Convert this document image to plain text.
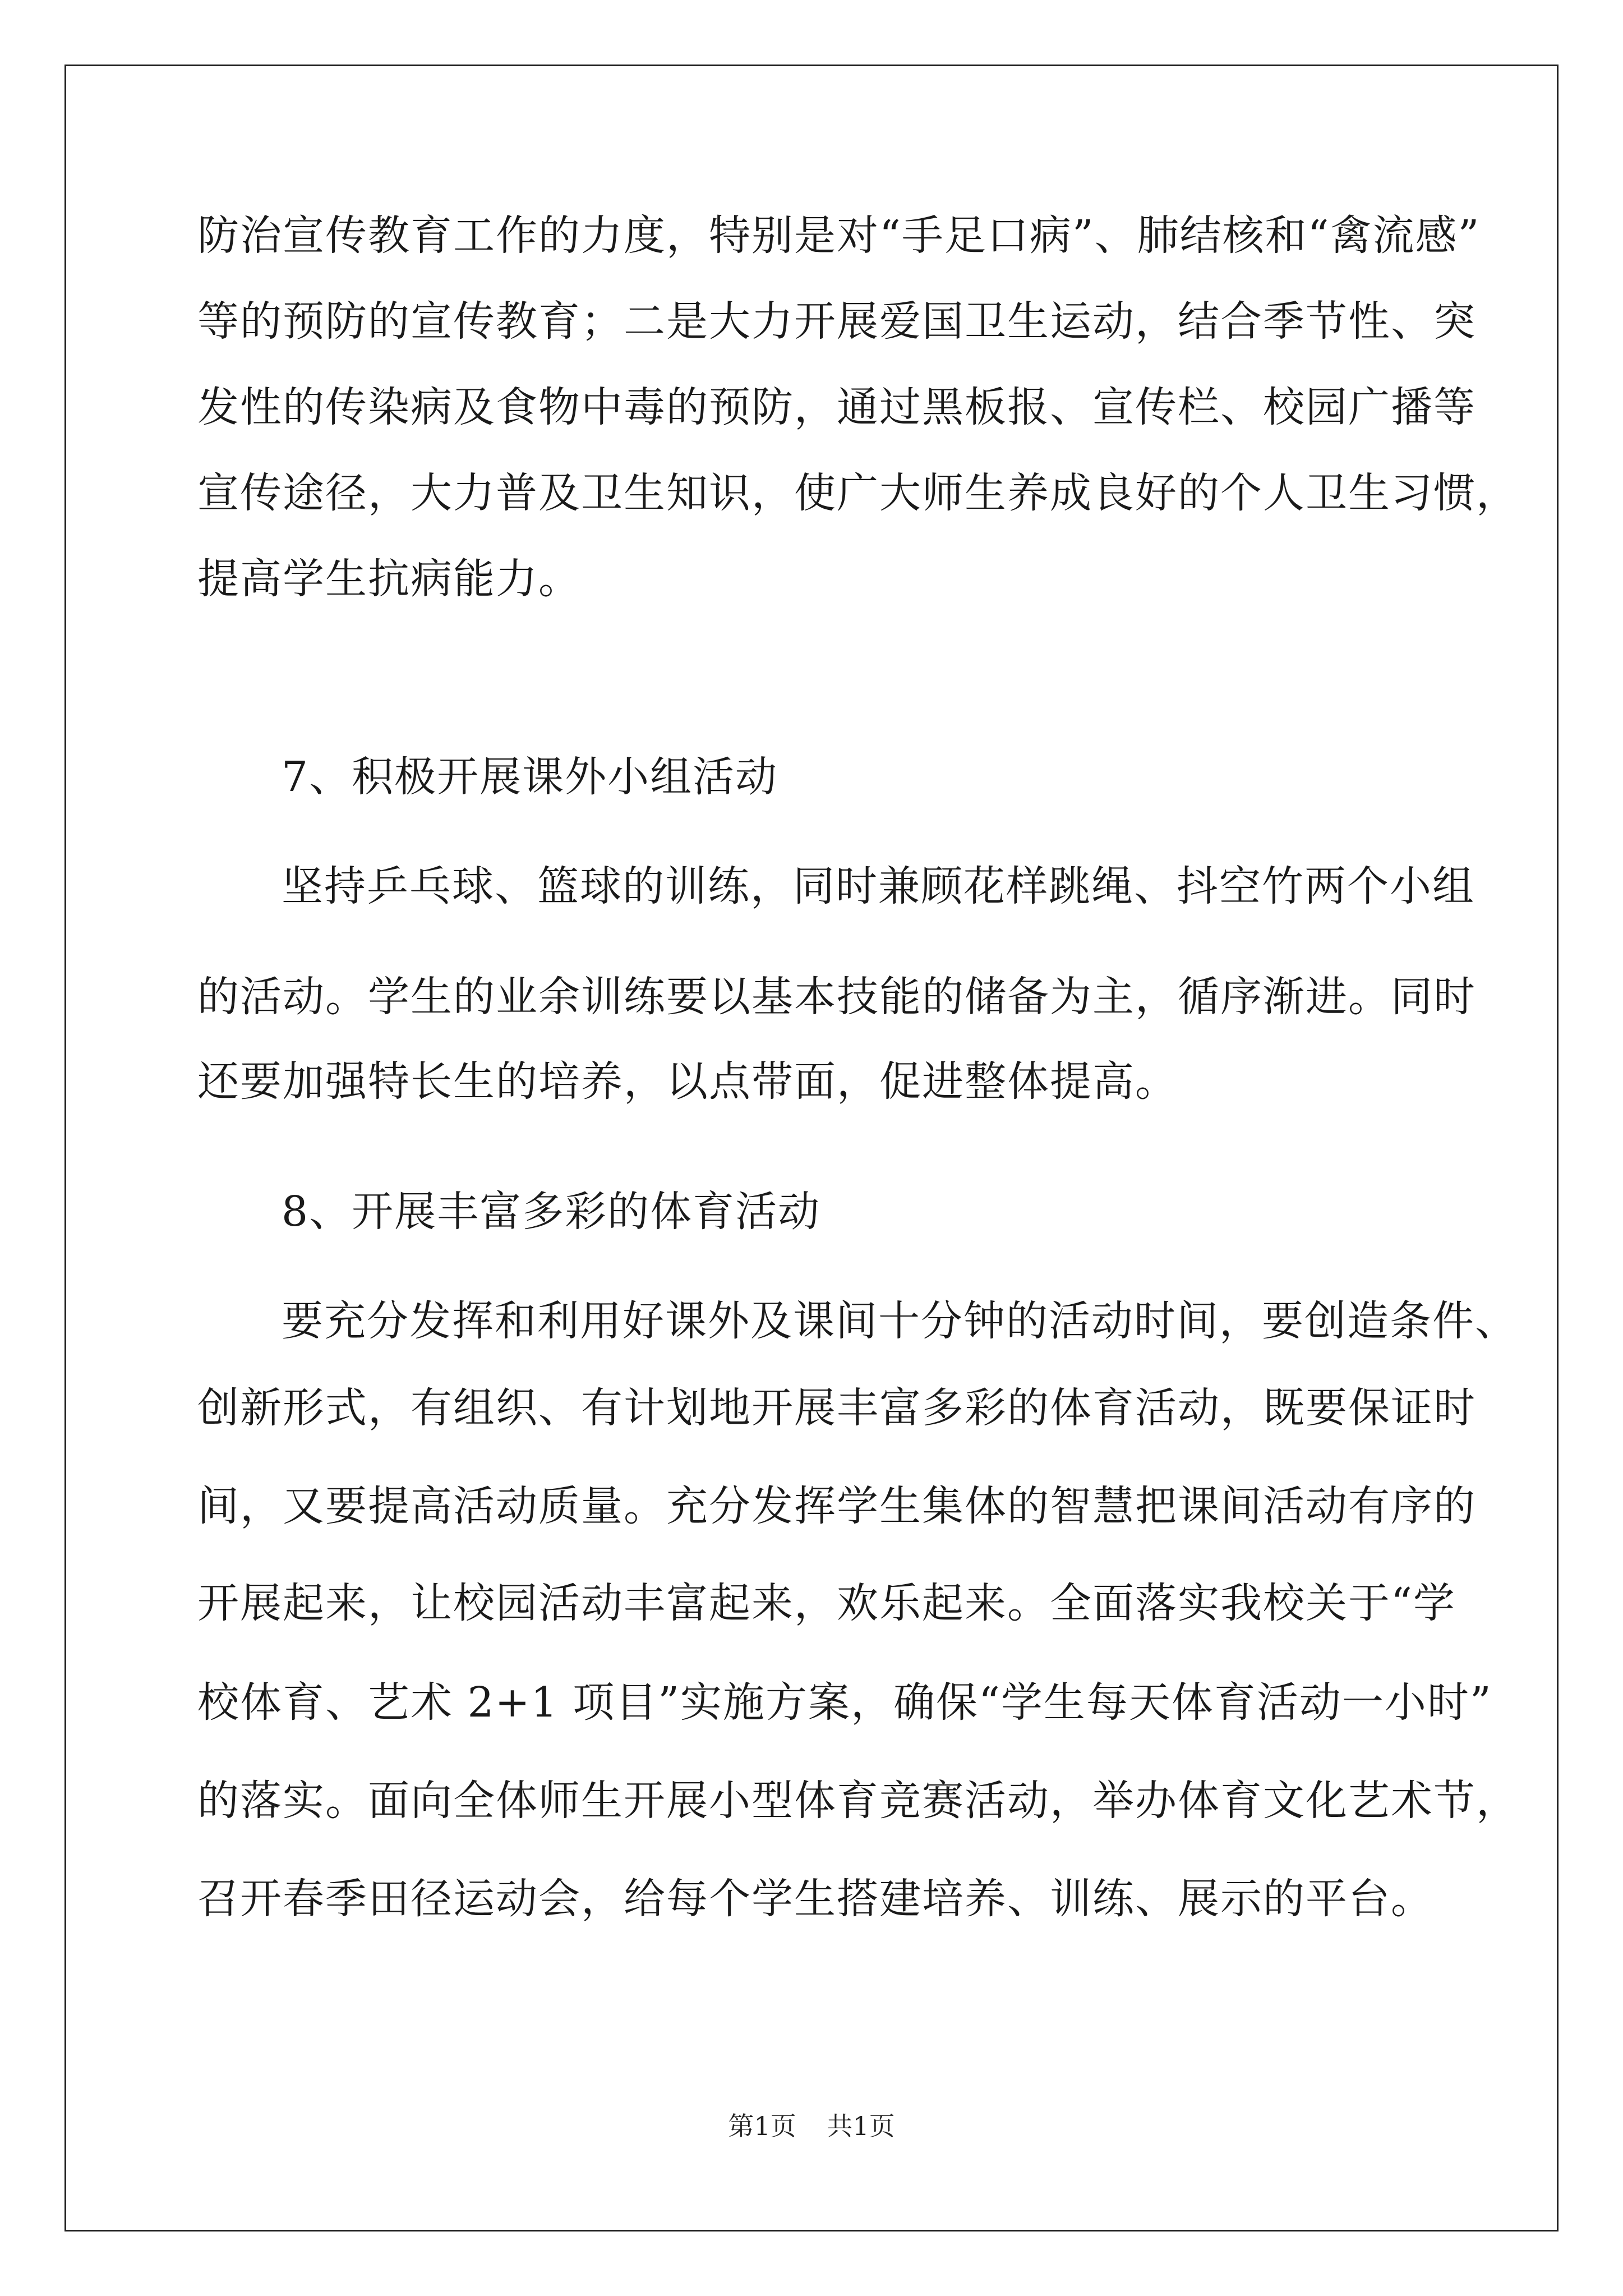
防治宣传教育工作的力度，特别是对“手足口病”、肺结核和“禽流感”
等的预防的宣传教育；二是大力开展爱国卫生运动，结合季节性、突
发性的传染病及食物中毒的预防，通过黑板报、宣传栏、校园广播等
宣传途径，大力普及卫生知识，使广大师生养成良好的个人卫生习惯，
提高学生抗病能力。
7、积极开展课外小组活动
坚持乒乓球、篮球的训练，同时兼顾花样跳绳、抖空竹两个小组
的活动。学生的业余训练要以基本技能的储备为主，循序渐进。同时
还要加强特长生的培养，以点带面，促进整体提高。
8、开展丰富多彩的体育活动
要充分发挥和利用好课外及课间十分钟的活动时间，要创造条件、
创新形式，有组织、有计划地开展丰富多彩的体育活动，既要保证时
间，又要提高活动质量。充分发挥学生集体的智慧把课间活动有序的
开展起来，让校园活动丰富起来，欢乐起来。全面落实我校关于“学
校体育、艺术 2+1 项目”实施方案，确保“学生每天体育活动一小时”
的落实。面向全体师生开展小型体育竞赛活动，举办体育文化艺术节，
召开春季田径运动会，给每个学生搭建培养、训练、展示的平台。
第1页 共1页
